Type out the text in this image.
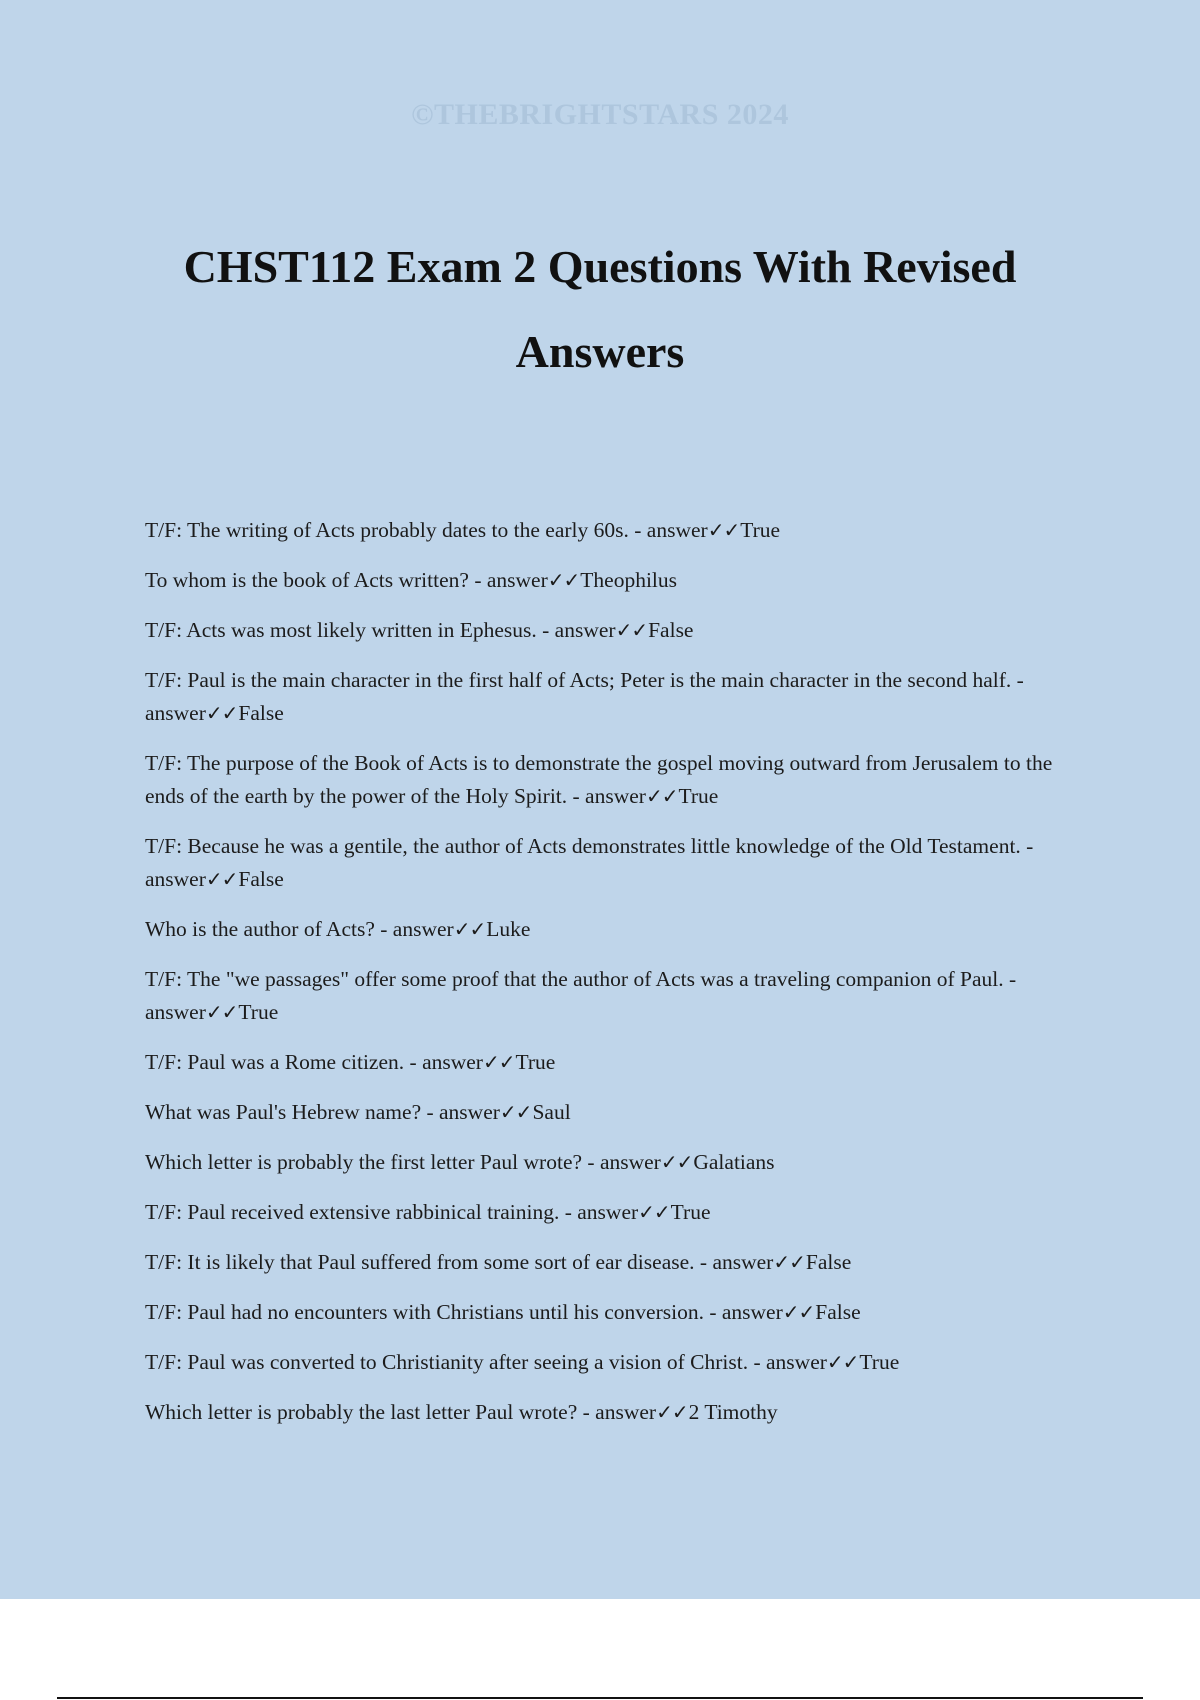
©THEBRIGHTSTARS 2024
CHST112 Exam 2 Questions With Revised Answers
T/F: The writing of Acts probably dates to the early 60s. - answer✓✓True
To whom is the book of Acts written? - answer✓✓Theophilus
T/F: Acts was most likely written in Ephesus. - answer✓✓False
T/F: Paul is the main character in the first half of Acts; Peter is the main character in the second half. - answer✓✓False
T/F: The purpose of the Book of Acts is to demonstrate the gospel moving outward from Jerusalem to the ends of the earth by the power of the Holy Spirit. - answer✓✓True
T/F: Because he was a gentile, the author of Acts demonstrates little knowledge of the Old Testament. - answer✓✓False
Who is the author of Acts? - answer✓✓Luke
T/F: The "we passages" offer some proof that the author of Acts was a traveling companion of Paul. - answer✓✓True
T/F: Paul was a Rome citizen. - answer✓✓True
What was Paul's Hebrew name? - answer✓✓Saul
Which letter is probably the first letter Paul wrote? - answer✓✓Galatians
T/F: Paul received extensive rabbinical training. - answer✓✓True
T/F: It is likely that Paul suffered from some sort of ear disease. - answer✓✓False
T/F: Paul had no encounters with Christians until his conversion. - answer✓✓False
T/F: Paul was converted to Christianity after seeing a vision of Christ. - answer✓✓True
Which letter is probably the last letter Paul wrote? - answer✓✓2 Timothy
